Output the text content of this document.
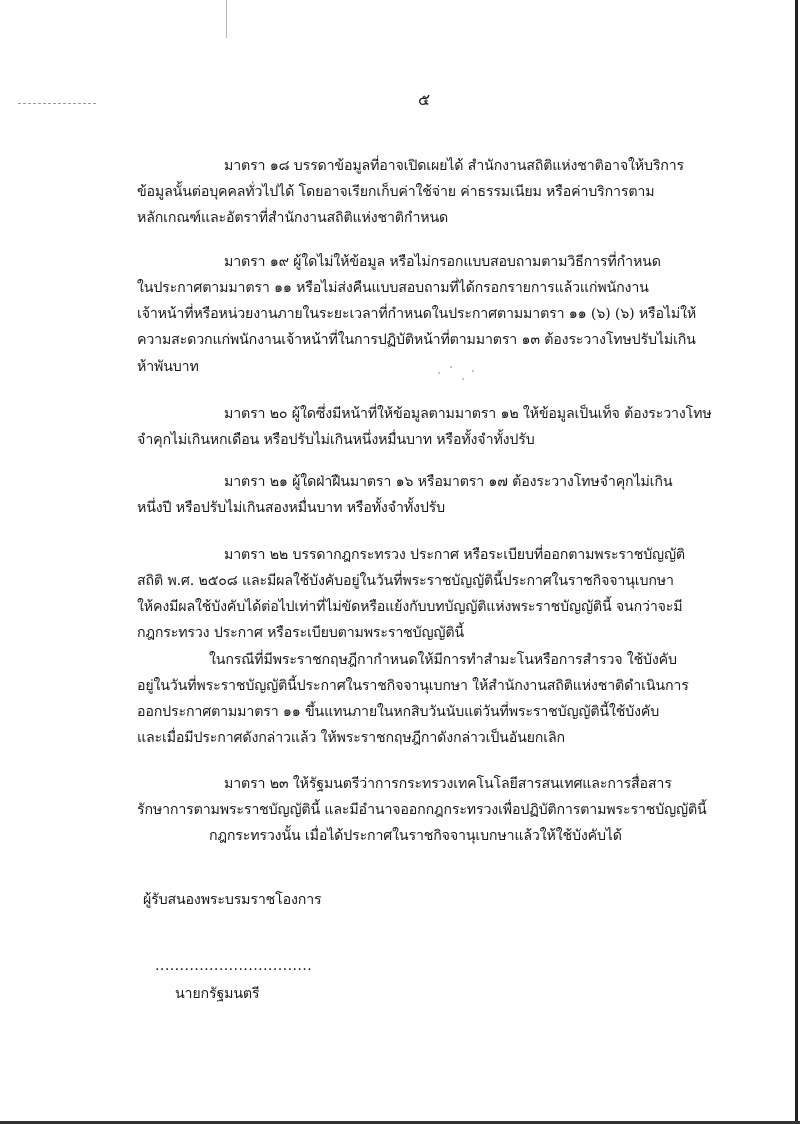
๕
มาตรา ๑๘ บรรดาข้อมูลที่อาจเปิดเผยได้ สำนักงานสถิติแห่งชาติอาจให้บริการ
ข้อมูลนั้นต่อบุคคลทั่วไปได้ โดยอาจเรียกเก็บค่าใช้จ่าย ค่าธรรมเนียม หรือค่าบริการตาม
หลักเกณฑ์และอัตราที่สำนักงานสถิติแห่งชาติกำหนด
มาตรา ๑๙ ผู้ใดไม่ให้ข้อมูล หรือไม่กรอกแบบสอบถามตามวิธีการที่กำหนด
ในประกาศตามมาตรา ๑๑ หรือไม่ส่งคืนแบบสอบถามที่ได้กรอกรายการแล้วแก่พนักงาน
เจ้าหน้าที่หรือหน่วยงานภายในระยะเวลาที่กำหนดในประกาศตามมาตรา ๑๑ (๖) (๖) หรือไม่ให้
ความสะดวกแก่พนักงานเจ้าหน้าที่ในการปฏิบัติหน้าที่ตามมาตรา ๑๓ ต้องระวางโทษปรับไม่เกิน
ห้าพันบาท
มาตรา ๒๐ ผู้ใดซึ่งมีหน้าที่ให้ข้อมูลตามมาตรา ๑๒ ให้ข้อมูลเป็นเท็จ ต้องระวางโทษ
จำคุกไม่เกินหกเดือน หรือปรับไม่เกินหนึ่งหมื่นบาท หรือทั้งจำทั้งปรับ
มาตรา ๒๑ ผู้ใดฝ่าฝืนมาตรา ๑๖ หรือมาตรา ๑๗ ต้องระวางโทษจำคุกไม่เกิน
หนึ่งปี หรือปรับไม่เกินสองหมื่นบาท หรือทั้งจำทั้งปรับ
มาตรา ๒๒ บรรดากฎกระทรวง ประกาศ หรือระเบียบที่ออกตามพระราชบัญญัติ
สถิติ พ.ศ. ๒๕๐๘ และมีผลใช้บังคับอยู่ในวันที่พระราชบัญญัตินี้ประกาศในราชกิจจานุเบกษา
ให้คงมีผลใช้บังคับได้ต่อไปเท่าที่ไม่ขัดหรือแย้งกับบทบัญญัติแห่งพระราชบัญญัตินี้ จนกว่าจะมี
กฎกระทรวง ประกาศ หรือระเบียบตามพระราชบัญญัตินี้
ในกรณีที่มีพระราชกฤษฎีกากำหนดให้มีการทำสำมะโนหรือการสำรวจ ใช้บังคับ
อยู่ในวันที่พระราชบัญญัตินี้ประกาศในราชกิจจานุเบกษา ให้สำนักงานสถิติแห่งชาติดำเนินการ
ออกประกาศตามมาตรา ๑๑ ขึ้นแทนภายในหกสิบวันนับแต่วันที่พระราชบัญญัตินี้ใช้บังคับ
และเมื่อมีประกาศดังกล่าวแล้ว ให้พระราชกฤษฎีกาดังกล่าวเป็นอันยกเลิก
มาตรา ๒๓ ให้รัฐมนตรีว่าการกระทรวงเทคโนโลยีสารสนเทศและการสื่อสาร
รักษาการตามพระราชบัญญัตินี้ และมีอำนาจออกกฎกระทรวงเพื่อปฏิบัติการตามพระราชบัญญัตินี้
กฎกระทรวงนั้น เมื่อได้ประกาศในราชกิจจานุเบกษาแล้วให้ใช้บังคับได้
ผู้รับสนองพระบรมราชโองการ
................................
นายกรัฐมนตรี
